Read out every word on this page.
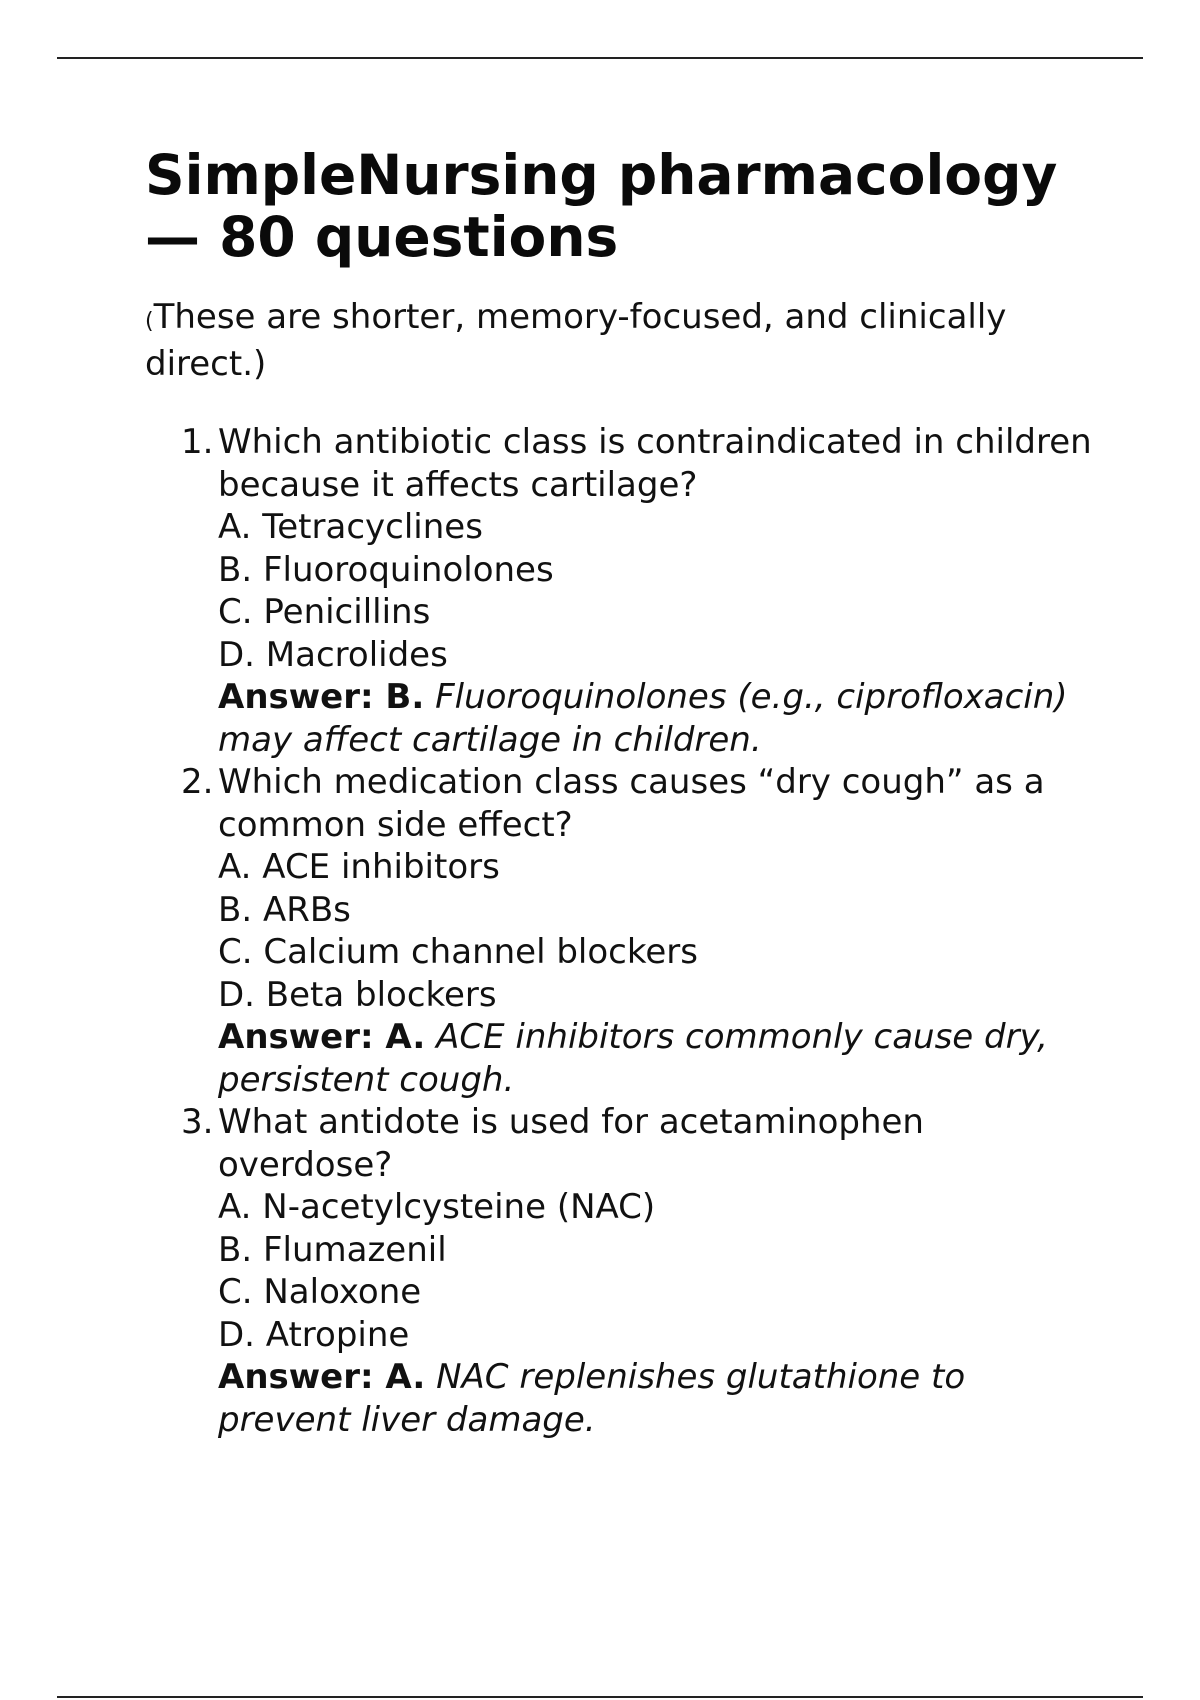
SimpleNursing pharmacology — 80 questions

(These are shorter, memory-focused, and clinically direct.)

1. Which antibiotic class is contraindicated in children because it affects cartilage?
A. Tetracyclines
B. Fluoroquinolones
C. Penicillins
D. Macrolides
Answer: B. Fluoroquinolones (e.g., ciprofloxacin) may affect cartilage in children.
2. Which medication class causes “dry cough” as a common side effect?
A. ACE inhibitors
B. ARBs
C. Calcium channel blockers
D. Beta blockers
Answer: A. ACE inhibitors commonly cause dry, persistent cough.
3. What antidote is used for acetaminophen overdose?
A. N-acetylcysteine (NAC)
B. Flumazenil
C. Naloxone
D. Atropine
Answer: A. NAC replenishes glutathione to prevent liver damage.
